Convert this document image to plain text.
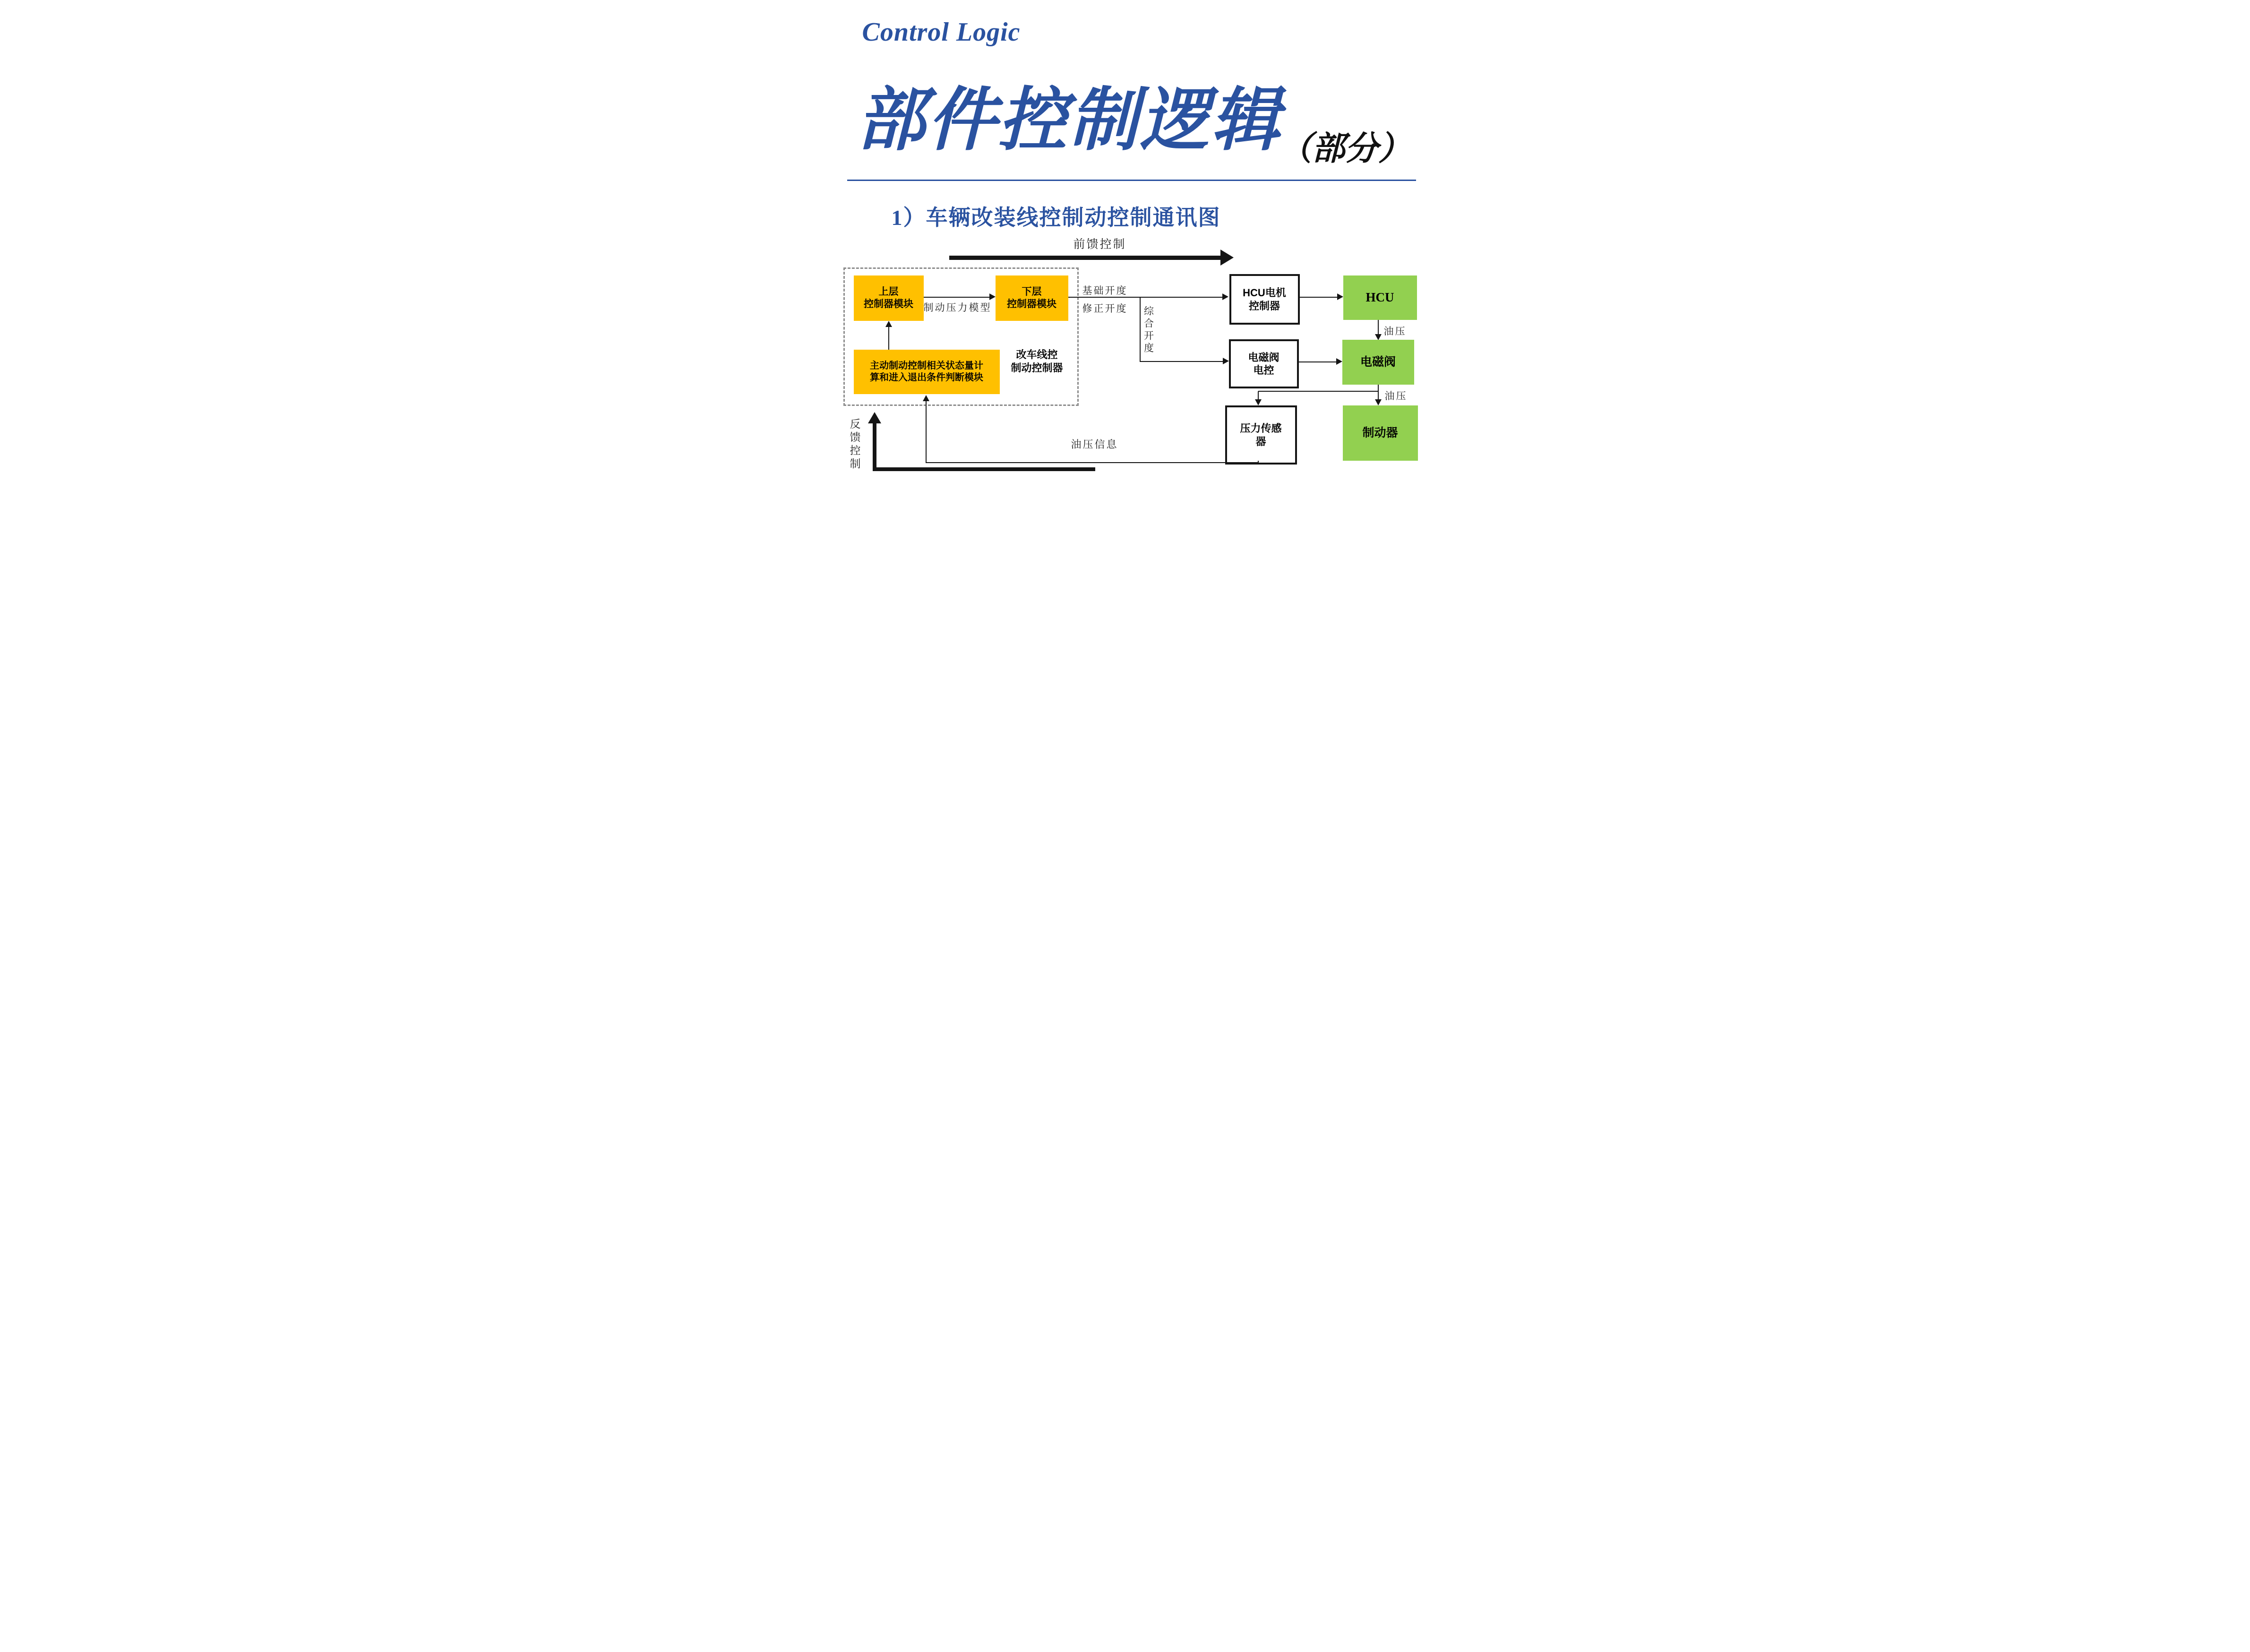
Control Logic
部件控制逻辑
（部分）
1）车辆改装线控制动控制通讯图
前馈控制
上层
控制器模块
下层
控制器模块
制动压力模型
主动制动控制相关状态量计
算和进入退出条件判断模块
改车线控
制动控制器
基础开度
修正开度	综合开度
HCU电机
控制器
HCU
油压
电磁阀
电控
电磁阀
油压
压力传感
器
制动器
油压信息
反馈控制
